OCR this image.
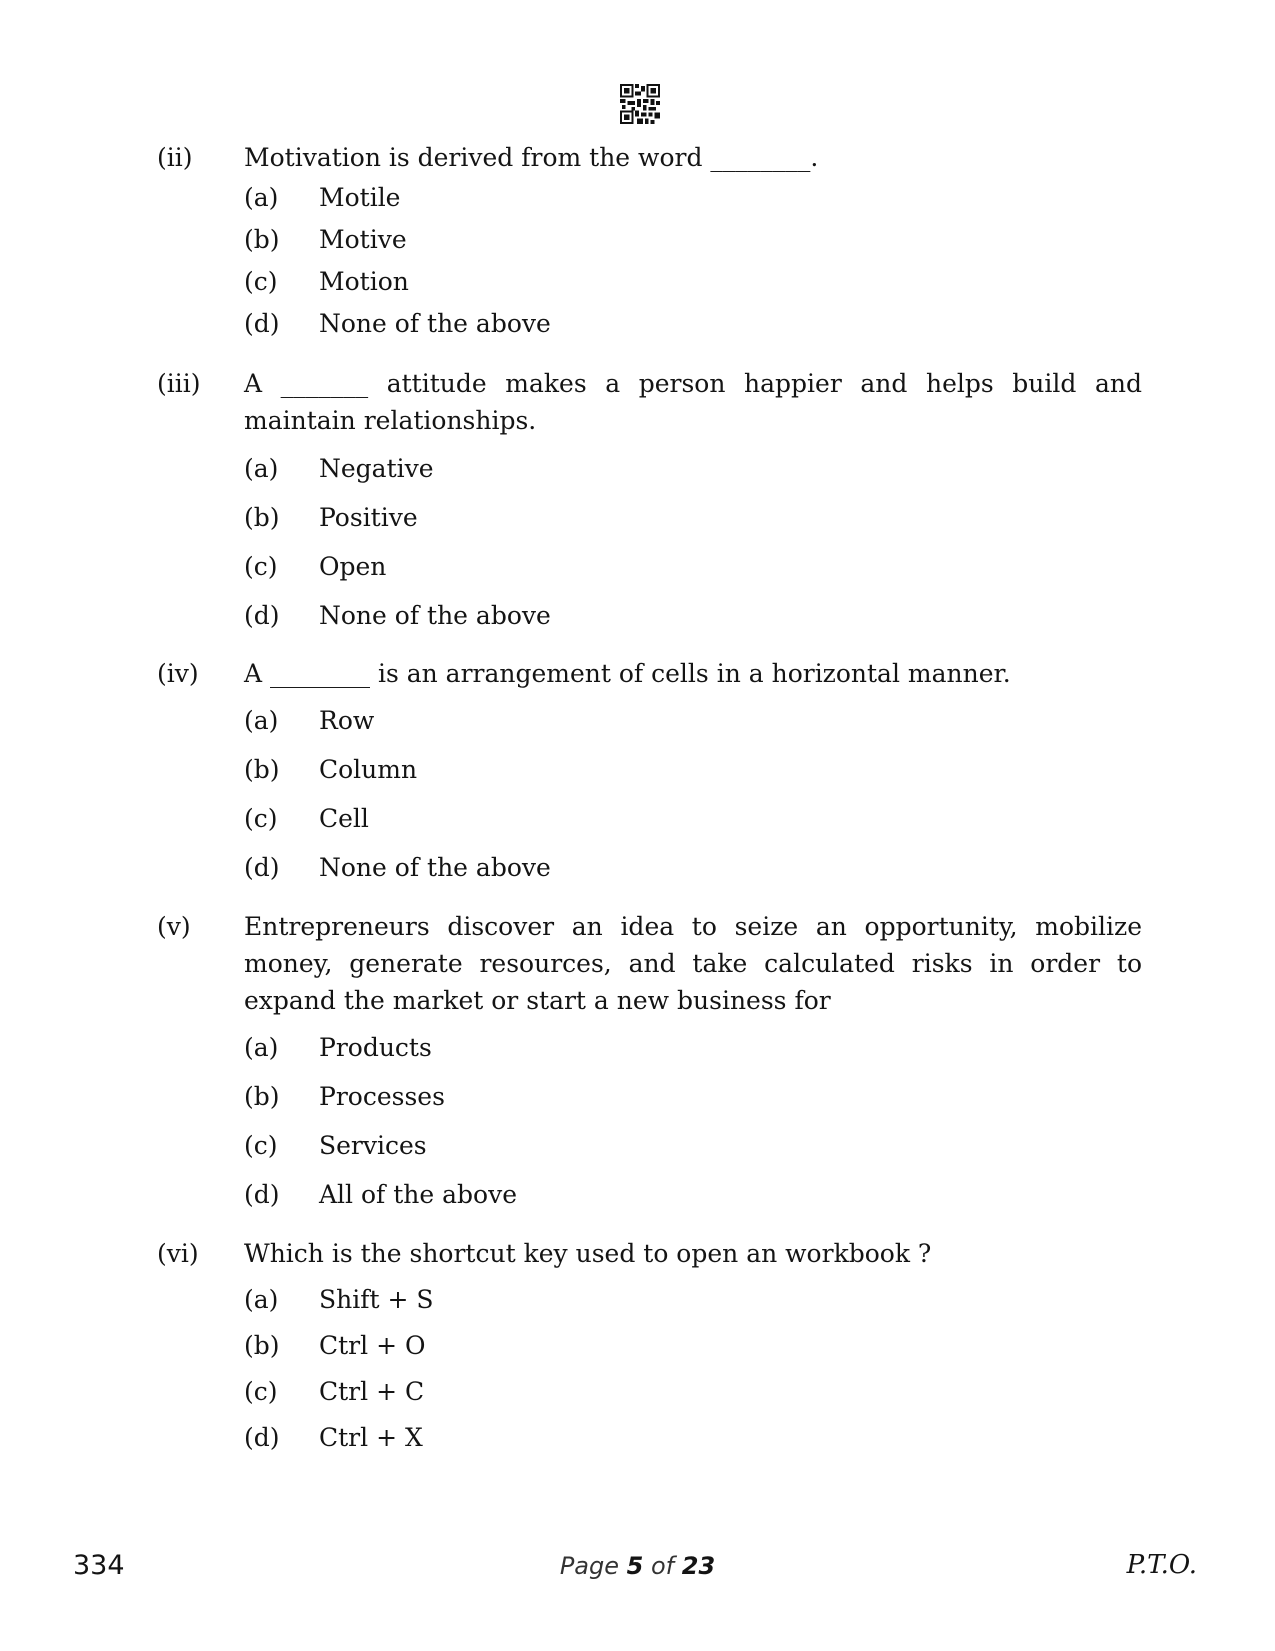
(ii) Motivation is derived from the word ________.
(a)	Motile
(b)	Motive
(c)	Motion
(d)	None of the above
(iii) A _______ attitude makes a person happier and helps build and maintain relationships.
(a)	Negative
(b)	Positive
(c)	Open
(d)	None of the above
(iv) A ________ is an arrangement of cells in a horizontal manner.
(a)	Row
(b)	Column
(c)	Cell
(d)	None of the above
(v) Entrepreneurs discover an idea to seize an opportunity, mobilize money, generate resources, and take calculated risks in order to expand the market or start a new business for
(a)	Products
(b)	Processes
(c)	Services
(d)	All of the above
(vi) Which is the shortcut key used to open an workbook ?
(a)	Shift + S
(b)	Ctrl + O
(c)	Ctrl + C
(d)	Ctrl + X
334	Page 5 of 23	P.T.O.
